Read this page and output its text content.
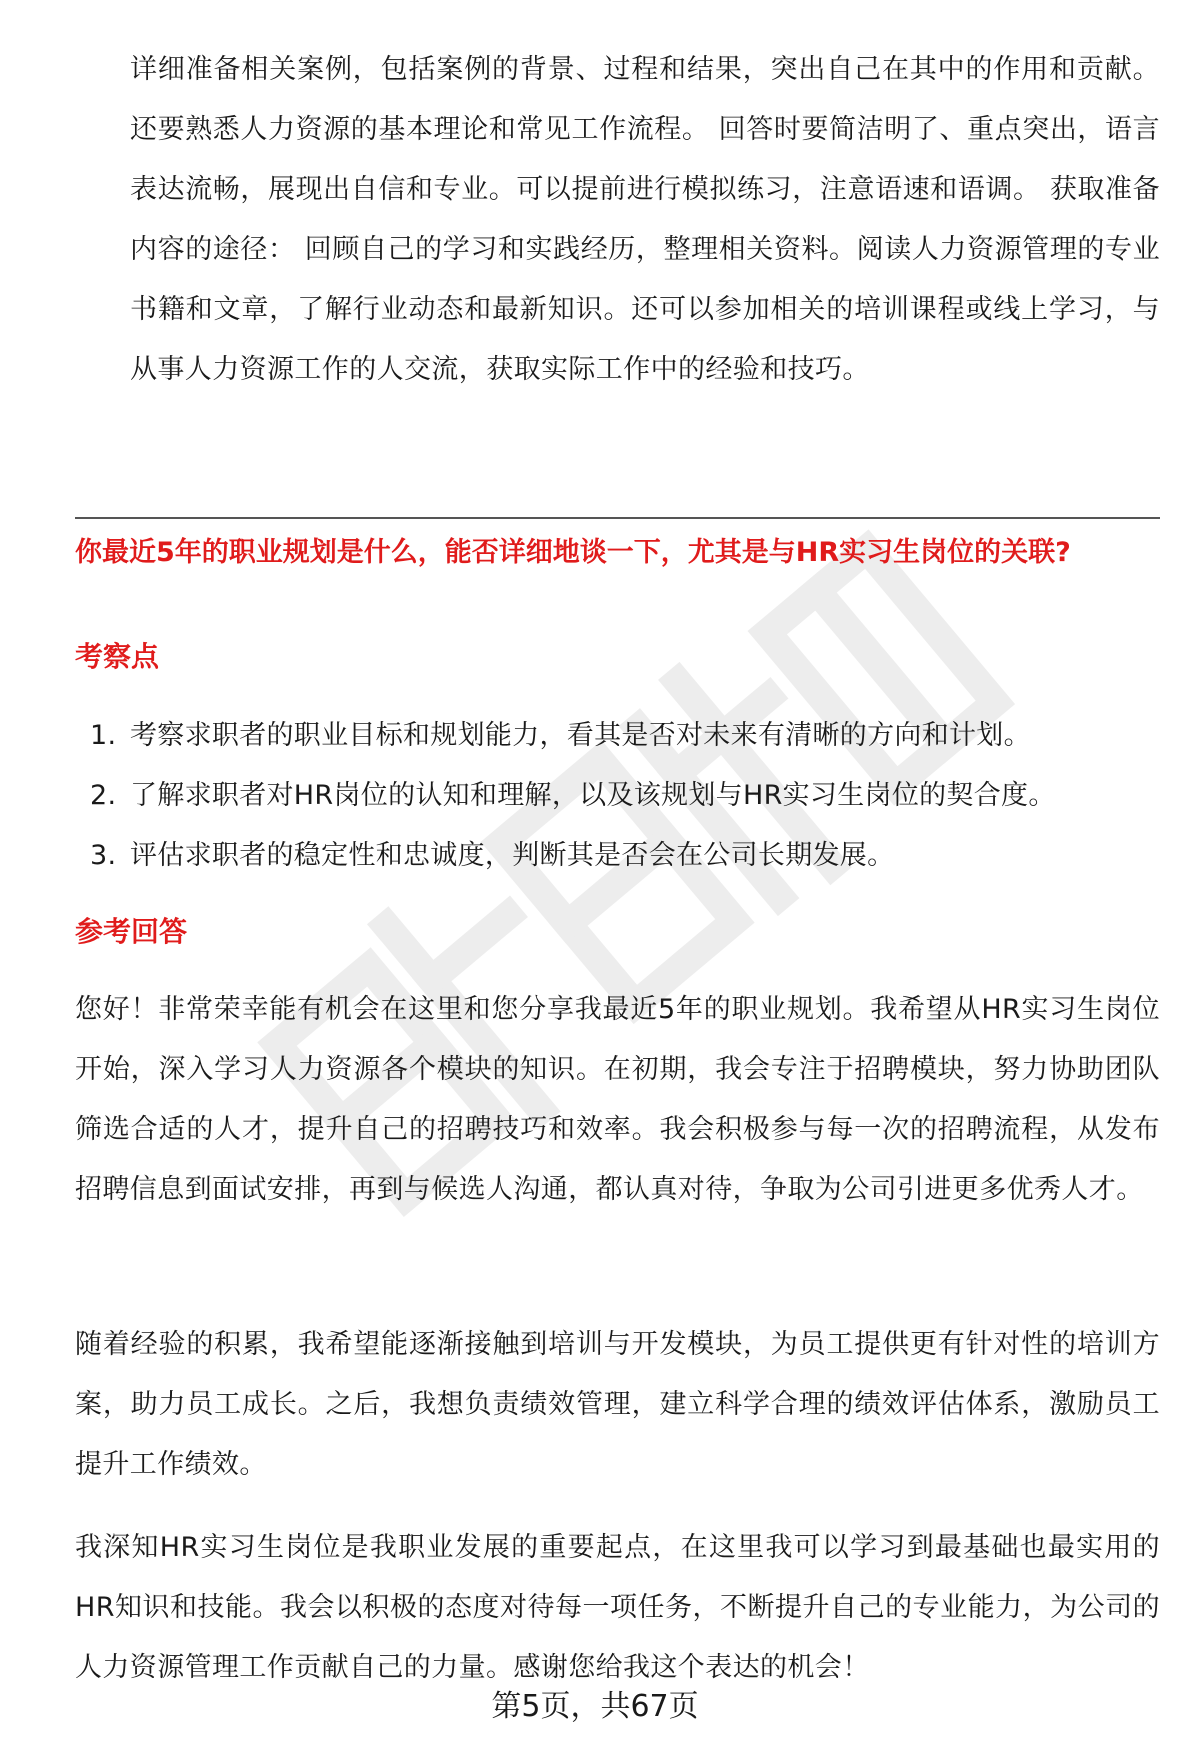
详细准备相关案例，包括案例的背景、过程和结果，突出自己在其中的作用和贡献。还要熟悉人力资源的基本理论和常见工作流程。 回答时要简洁明了、重点突出，语言表达流畅，展现出自信和专业。可以提前进行模拟练习，注意语速和语调。 获取准备内容的途径： 回顾自己的学习和实践经历，整理相关资料。阅读人力资源管理的专业书籍和文章，了解行业动态和最新知识。还可以参加相关的培训课程或线上学习，与从事人力资源工作的人交流，获取实际工作中的经验和技巧。

你最近5年的职业规划是什么，能否详细地谈一下，尤其是与HR实习生岗位的关联?

考察点
1. 考察求职者的职业目标和规划能力，看其是否对未来有清晰的方向和计划。
2. 了解求职者对HR岗位的认知和理解，以及该规划与HR实习生岗位的契合度。
3. 评估求职者的稳定性和忠诚度，判断其是否会在公司长期发展。
参考回答

您好！非常荣幸能有机会在这里和您分享我最近5年的职业规划。我希望从HR实习生岗位开始，深入学习人力资源各个模块的知识。在初期，我会专注于招聘模块，努力协助团队筛选合适的人才，提升自己的招聘技巧和效率。我会积极参与每一次的招聘流程，从发布招聘信息到面试安排，再到与候选人沟通，都认真对待，争取为公司引进更多优秀人才。

随着经验的积累，我希望能逐渐接触到培训与开发模块，为员工提供更有针对性的培训方案，助力员工成长。之后，我想负责绩效管理，建立科学合理的绩效评估体系，激励员工提升工作绩效。

我深知HR实习生岗位是我职业发展的重要起点，在这里我可以学习到最基础也最实用的HR知识和技能。我会以积极的态度对待每一项任务，不断提升自己的专业能力，为公司的人力资源管理工作贡献自己的力量。感谢您给我这个表达的机会！

第5页，共67页
